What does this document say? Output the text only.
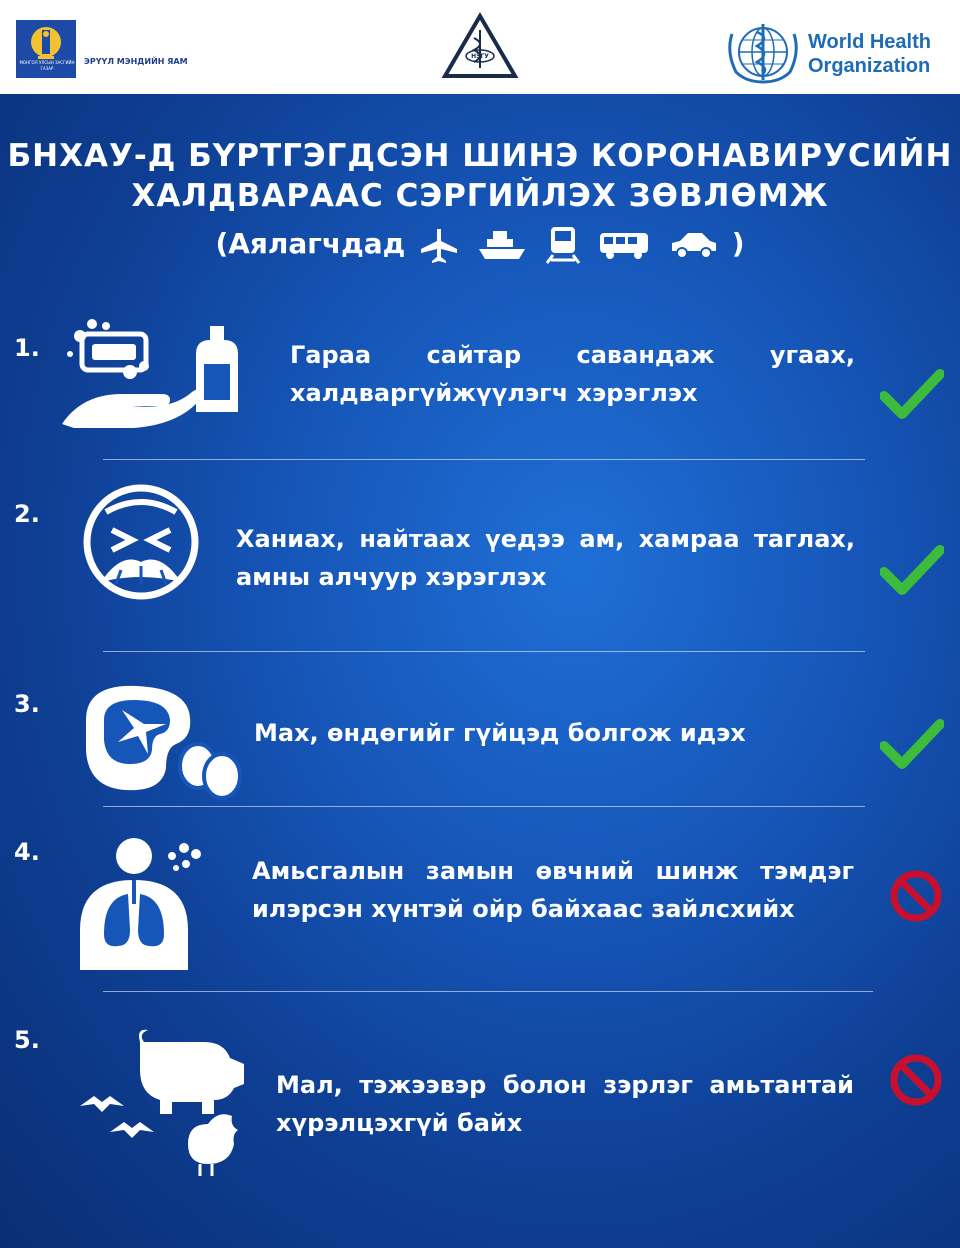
МОНГОЛ УЛСЫН ЗАСГИЙН ГАЗАР
ЭРҮҮЛ МЭНДИЙН ЯАМ
НЭГУ
World Health
Organization
БНХАУ-Д БҮРТГЭГДСЭН ШИНЭ КОРОНАВИРУСИЙН
ХАЛДВАРААС СЭРГИЙЛЭХ ЗӨВЛӨМЖ
(Аялагчдад	)
1.	Гараа сайтар савандаж угаах, халдваргүйжүүлэгч хэрэглэх
2.
Ханиах, найтаах үедээ ам, хамраа таглах, амны алчуур хэрэглэх
3.
Мах, өндөгийг гүйцэд болгож идэх
4.
Амьсгалын замын өвчний шинж тэмдэг илэрсэн хүнтэй ойр байхаас зайлсхийх
5.
Мал, тэжээвэр болон зэрлэг амьтантай хүрэлцэхгүй байх
